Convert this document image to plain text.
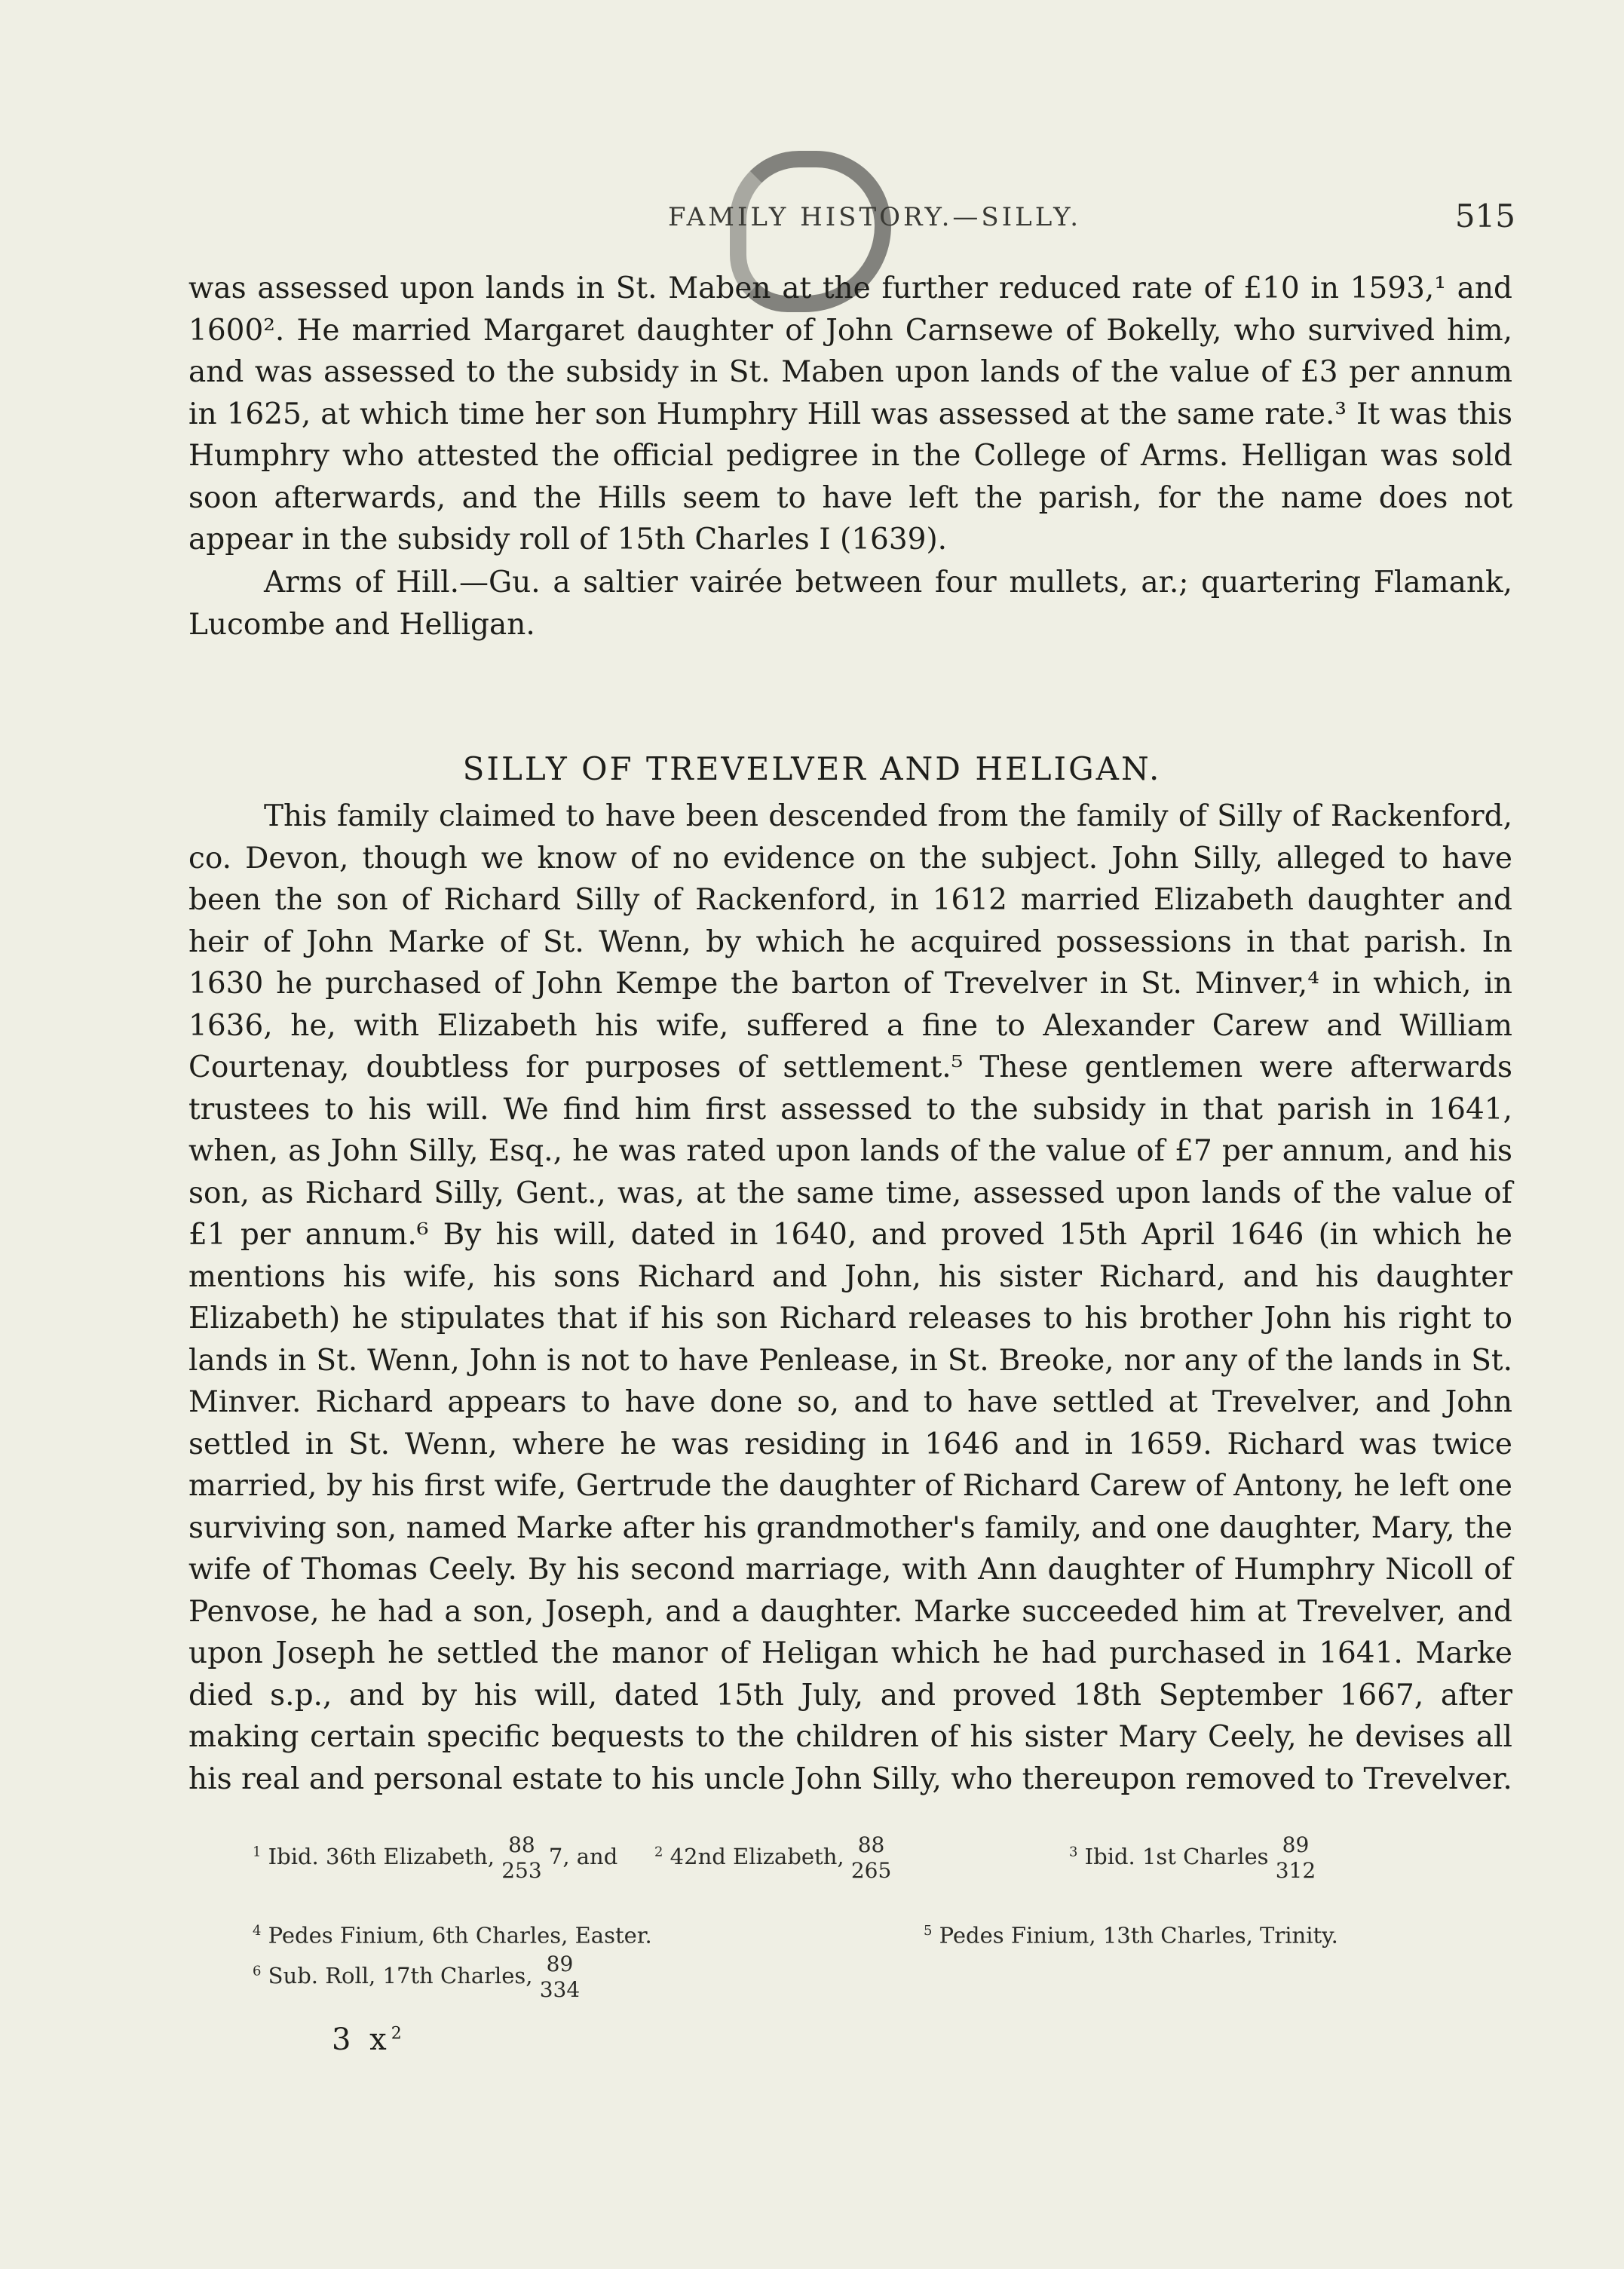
FAMILY HISTORY.—SILLY.	515

was assessed upon lands in St. Maben at the further reduced rate of £10 in 1593,¹ and 1600². He married Margaret daughter of John Carnsewe of Bokelly, who survived him, and was assessed to the subsidy in St. Maben upon lands of the value of £3 per annum in 1625, at which time her son Humphry Hill was assessed at the same rate.³ It was this Humphry who attested the official pedigree in the College of Arms. Helligan was sold soon afterwards, and the Hills seem to have left the parish, for the name does not appear in the subsidy roll of 15th Charles I (1639).

Arms of Hill.—Gu. a saltier vairée between four mullets, ar.; quartering Flamank, Lucombe and Helligan.

SILLY OF TREVELVER AND HELIGAN.

This family claimed to have been descended from the family of Silly of Rackenford, co. Devon, though we know of no evidence on the subject. John Silly, alleged to have been the son of Richard Silly of Rackenford, in 1612 married Elizabeth daughter and heir of John Marke of St. Wenn, by which he acquired possessions in that parish. In 1630 he purchased of John Kempe the barton of Trevelver in St. Minver,⁴ in which, in 1636, he, with Elizabeth his wife, suffered a fine to Alexander Carew and William Courtenay, doubtless for purposes of settlement.⁵ These gentlemen were afterwards trustees to his will. We find him first assessed to the subsidy in that parish in 1641, when, as John Silly, Esq., he was rated upon lands of the value of £7 per annum, and his son, as Richard Silly, Gent., was, at the same time, assessed upon lands of the value of £1 per annum.⁶ By his will, dated in 1640, and proved 15th April 1646 (in which he mentions his wife, his sons Richard and John, his sister Richard, and his daughter Elizabeth) he stipulates that if his son Richard releases to his brother John his right to lands in St. Wenn, John is not to have Penlease, in St. Breoke, nor any of the lands in St. Minver. Richard appears to have done so, and to have settled at Trevelver, and John settled in St. Wenn, where he was residing in 1646 and in 1659. Richard was twice married, by his first wife, Gertrude the daughter of Richard Carew of Antony, he left one surviving son, named Marke after his grandmother's family, and one daughter, Mary, the wife of Thomas Ceely. By his second marriage, with Ann daughter of Humphry Nicoll of Penvose, he had a son, Joseph, and a daughter. Marke succeeded him at Trevelver, and upon Joseph he settled the manor of Heligan which he had purchased in 1641. Marke died s.p., and by his will, dated 15th July, and proved 18th September 1667, after making certain specific bequests to the children of his sister Mary Ceely, he devises all his real and personal estate to his uncle John Silly, who thereupon removed to Trevelver.

$^1$ Ibid. 36th Elizabeth, 88
253
7, and	$^2$ 42nd Elizabeth, 88
265
$^3$ Ibid. 1st Charles 89
312
$^4$ Pedes Finium, 6th Charles, Easter.	$^5$ Pedes Finium, 13th Charles, Trinity.
$^6$ Sub. Roll, 17th Charles, 89
334
3 $x^2$
